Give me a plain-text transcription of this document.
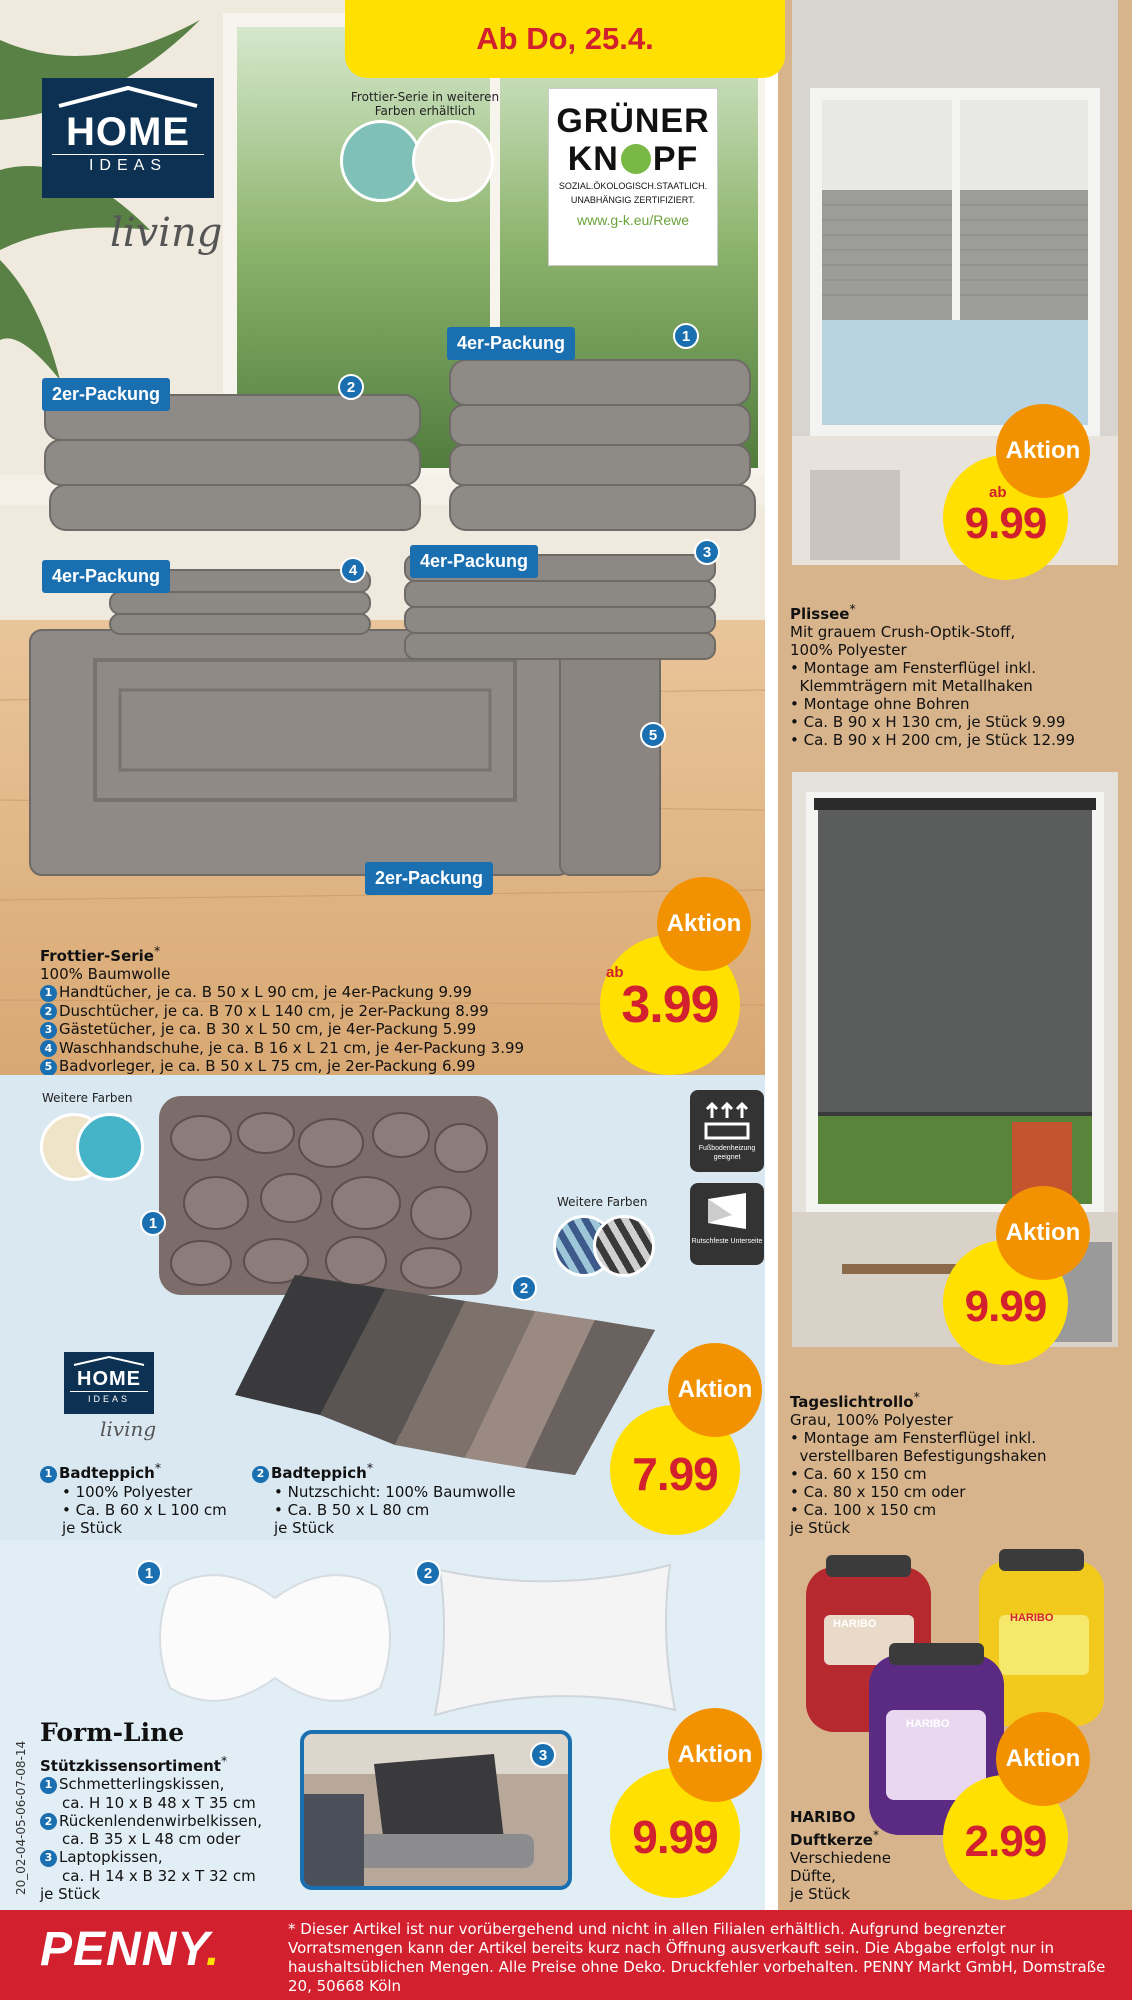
HOME
IDEAS
living
Frottier-Serie in weiteren Farben erhältlich	GRÜNER
KN PF
SOZIAL.ÖKOLOGISCH.STAATLICH.
UNABHÄNGIG ZERTIFIZIERT.
www.g-k.eu/Rewe
4er-Packung	1
2er-Packung	2
4er-Packung	3
4er-Packung	4
5
2er-Packung
Frottier-Serie*
100% Baumwolle
1 Handtücher, je ca. B 50 x L 90 cm, je 4er-Packung 9.99
2 Duschtücher, je ca. B 70 x L 140 cm, je 2er-Packung 8.99
3 Gästetücher, je ca. B 30 x L 50 cm, je 4er-Packung 5.99
4 Waschhandschuhe, je ca. B 16 x L 21 cm, je 4er-Packung 3.99
5 Badvorleger, je ca. B 50 x L 75 cm, je 2er-Packung 6.99
ab
3.99
Aktion
ab
9.99
Aktion
Plissee*
Mit grauem Crush-Optik-Stoff,
100% Polyester
• Montage am Fensterflügel inkl.
Klemmträgern mit Metallhaken
• Montage ohne Bohren
• Ca. B 90 x H 130 cm, je Stück 9.99
• Ca. B 90 x H 200 cm, je Stück 12.99
9.99
Aktion
Tageslichtrollo*
Grau, 100% Polyester
• Montage am Fensterflügel inkl.
verstellbaren Befestigungshaken
• Ca. 60 x 150 cm
• Ca. 80 x 150 cm oder
• Ca. 100 x 150 cm
je Stück
HARIBO	HARIBO
HARIBO
2.99
Aktion
HARIBO
Duftkerze*
Verschiedene
Düfte,
je Stück
Weitere Farben
1
2
Weitere Farben
Fußbodenheizung geeignet
Rutschfeste Unterseite
HOME
IDEAS
living
1 Badteppich*
• 100% Polyester
• Ca. B 60 x L 100 cm
je Stück
2 Badteppich*
• Nutzschicht: 100% Baumwolle
• Ca. B 50 x L 80 cm
je Stück
7.99
Aktion
1	2
3
Form-Line
Stützkissensortiment*
1 Schmetterlingskissen,
ca. H 10 x B 48 x T 35 cm
2 Rückenlendenwirbelkissen,
ca. B 35 x L 48 cm oder
3 Laptopkissen,
ca. H 14 x B 32 x T 32 cm
je Stück
9.99
Aktion
Ab Do, 25.4.
20_02-04-05-06-07-08-14
PENNY.	* Dieser Artikel ist nur vorübergehend und nicht in allen Filialen erhältlich. Aufgrund begrenzter Vorratsmengen kann der Artikel bereits kurz nach Öffnung ausverkauft sein. Die Abgabe erfolgt nur in haushaltsüblichen Mengen. Alle Preise ohne Deko. Druckfehler vorbehalten. PENNY Markt GmbH, Domstraße 20, 50668 Köln
